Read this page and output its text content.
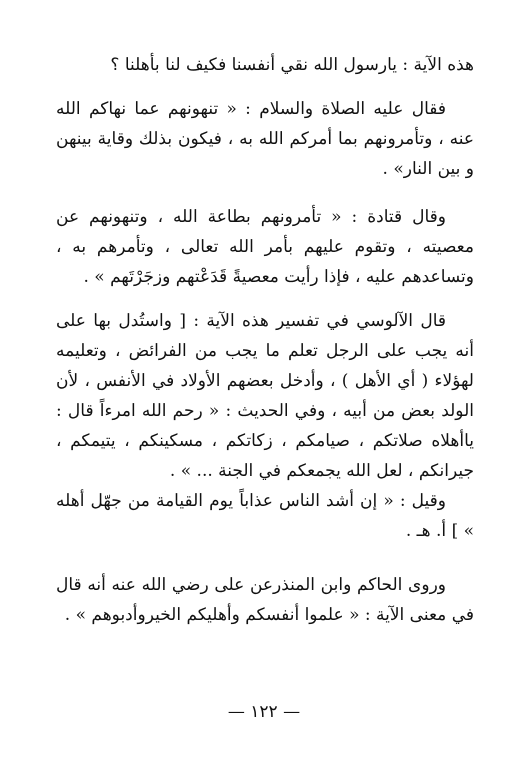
هذه الآية : يارسول الله نقي أنفسنا فكيف لنا بأهلنا ؟

فقال عليه الصلاة والسلام : « تنهونهم عما نهاكم الله عنه ، وتأمرونهم بما أمركم الله به ، فيكون بذلك وقاية بينهن و بين النار» .

وقال قتادة : « تأمرونهم بطاعة الله ، وتنهونهم عن معصيته ، وتقوم عليهم بأمر الله تعالى ، وتأمرهم به ، وتساعدهم عليه ، فإذا رأيت معصيةً قَدَعْتهم وزجَرْتَهم » .

قال الآلوسي في تفسير هذه الآية : [ واستُدل بها على أنه يجب على الرجل تعلم ما يجب من الفرائض ، وتعليمه لهؤلاء ( أي الأهل ) ، وأدخل بعضهم الأولاد في الأنفس ، لأن الولد بعض من أبيه ، وفي الحديث : « رحم الله امرءاً قال : ياأهلاه صلاتكم ، صيامكم ، زكاتكم ، مسكينكم ، يتيمكم ، جيرانكم ، لعل الله يجمعكم في الجنة ... » .

وقيل : « إن أشد الناس عذاباً يوم القيامة من جهّل أهله » ] أ. هـ .

وروى الحاكم وابن المنذرعن على رضي الله عنه أنه قال في معنى الآية : « علموا أنفسكم وأهليكم الخيروأدبوهم » .

— ١٢٢ —
